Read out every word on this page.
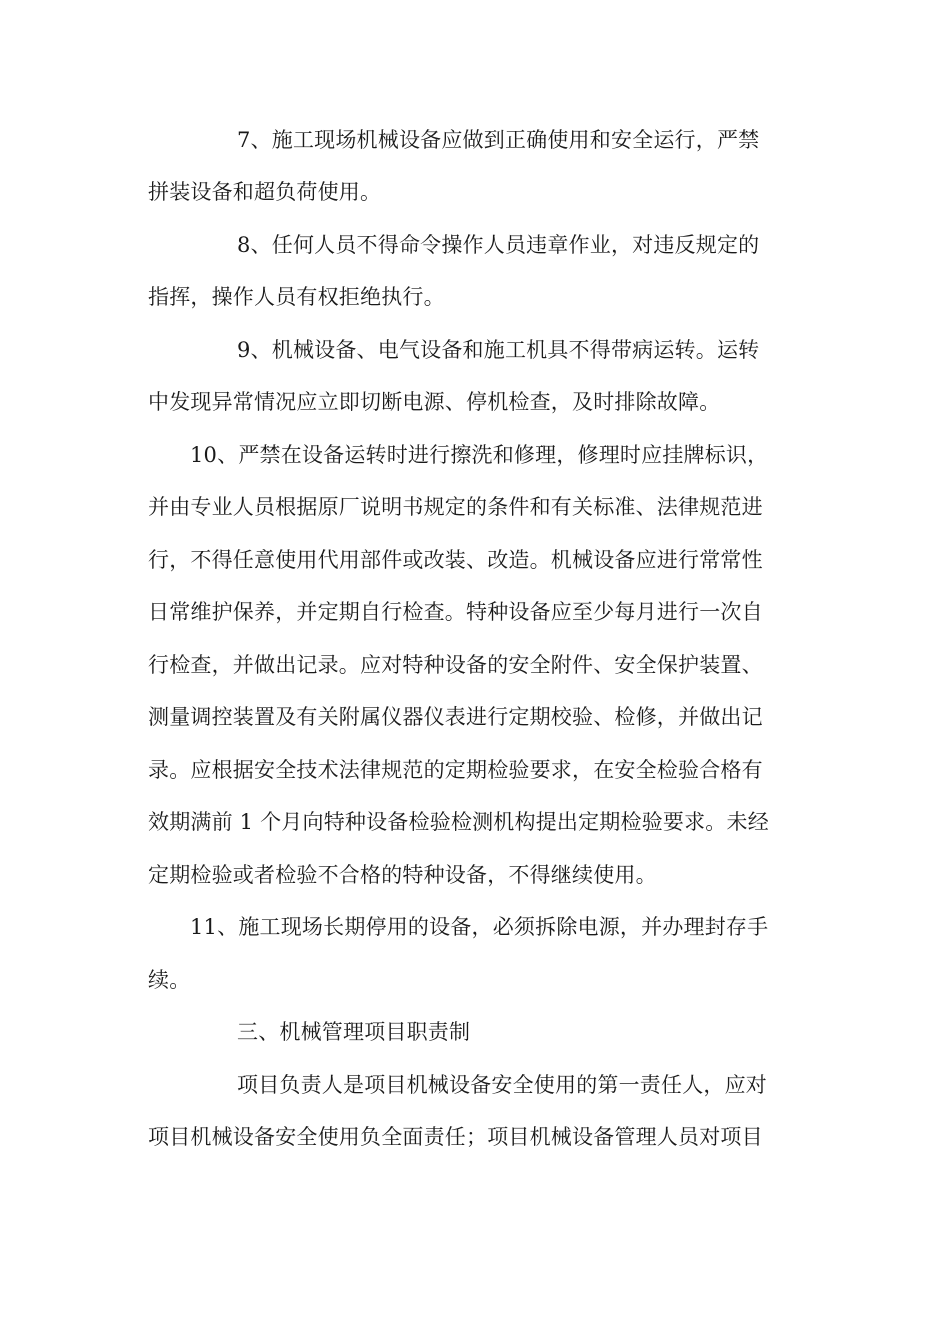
7、施工现场机械设备应做到正确使用和安全运行，严禁
拼装设备和超负荷使用。
8、任何人员不得命令操作人员违章作业，对违反规定的
指挥，操作人员有权拒绝执行。
9、机械设备、电气设备和施工机具不得带病运转。运转
中发现异常情况应立即切断电源、停机检查，及时排除故障。
10、严禁在设备运转时进行擦洗和修理，修理时应挂牌标识，
并由专业人员根据原厂说明书规定的条件和有关标准、法律规范进
行，不得任意使用代用部件或改装、改造。机械设备应进行常常性
日常维护保养，并定期自行检查。特种设备应至少每月进行一次自
行检查，并做出记录。应对特种设备的安全附件、安全保护装置、
测量调控装置及有关附属仪器仪表进行定期校验、检修，并做出记
录。应根据安全技术法律规范的定期检验要求，在安全检验合格有
效期满前 1 个月向特种设备检验检测机构提出定期检验要求。未经
定期检验或者检验不合格的特种设备，不得继续使用。
11、施工现场长期停用的设备，必须拆除电源，并办理封存手
续。
三、机械管理项目职责制
项目负责人是项目机械设备安全使用的第一责任人，应对
项目机械设备安全使用负全面责任；项目机械设备管理人员对项目
